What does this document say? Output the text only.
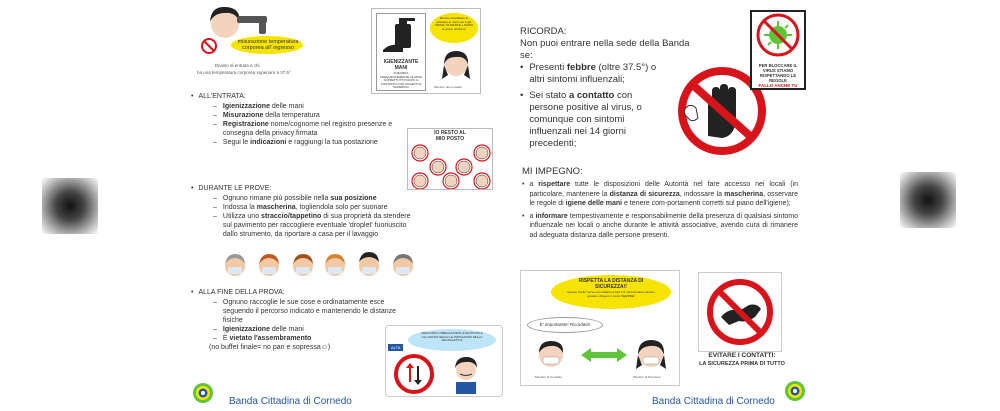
misurazione temperatura corporea all' ingresso
Divieto di entrata a chi
ha una temperatura corporea superiore a 37,5°
IGIENIZZANTE MANI
IGIENIZZA FREQUENTEMENTE LE MANI SOPRATTUTTO DOPO IL CONTATTO CON OGGETTI E SUPERFICI
Mentre ti bardiamo in quartiere le mani con il gel, PRIMA, DURANTE e DOPO le prove, anche tu
Membro del comitato
• ALL'ENTRATA:
– Igienizzazione delle mani
– Misurazione della temperatura
– Registrazione nome/cognome nel registro presenze e consegna della privacy firmata
– Segui le indicazioni e raggiungi la tua postazione
IO RESTO AL MIO POSTO
• DURANTE LE PROVE:
– Ognuno rimane più possibile nella sua posizione
– Indossa la mascherina, togliendola solo per suonare
– Utilizza uno straccio/tappetino di sua proprietà da stendere sul pavimento per raccogliere eventuale 'droplet' fuoriuscito dallo strumento, da riportare a casa per il lavaggio
• ALLA FINE DELLA PROVA:
– Ognuno raccoglie le sue cose e ordinatamente esce seguendo il percorso indicato e mantenendo le distanze fisiche
– Igienizzazione delle mani
– È vietato l'assembramento
(no buffet finale= no pan e sopressa☺)
PERCORSO OBBLIGATORIO IN ENTRATA E ALL'USCITA SEGUI LE INDICAZIONI DELLA SEGNALETICA
ALTA
Banda Cittadina di Cornedo
RICORDA:
Non puoi entrare nella sede della Banda se:
• Presenti febbre (oltre 37.5°) o altri sintomi influenzali;
• Sei stato a contatto con persone positive al virus, o comunque con sintomi influenzali nei 14 giorni precedenti;
PER BLOCCARE IL VIRUS STIAMO RISPETTANDO LE REGOLE
FALLO ANCHE TU
MI IMPEGNO:
• a rispettare tutte le disposizioni delle Autorità nel fare accesso nei locali (in particolare, mantenere la distanza di sicurezza, indossare la mascherina, osservare le regole di igiene delle mani e tenere com-portamenti corretti sul piano dell'igiene);
• a informare tempestivamente e responsabilmente della presenza di qualsiasi sintomo influenzale nei locali o anche durante le attività associative, avendo cura di rimanere ad adeguata distanza dalle persone presenti.
RISPETTA LA DISTANZA DI SICUREZZA!!
Questo 'livello' serve non soltanto a farti 1,5 metri durante ciascun giovane. Almeno 1 metro SEMPRE!
E' importante!! Ricordati!!
Membro di Comitato	Membro di Direzione
EVITARE I CONTATTI:
LA SICUREZZA PRIMA DI TUTTO
Banda Cittadina di Cornedo
